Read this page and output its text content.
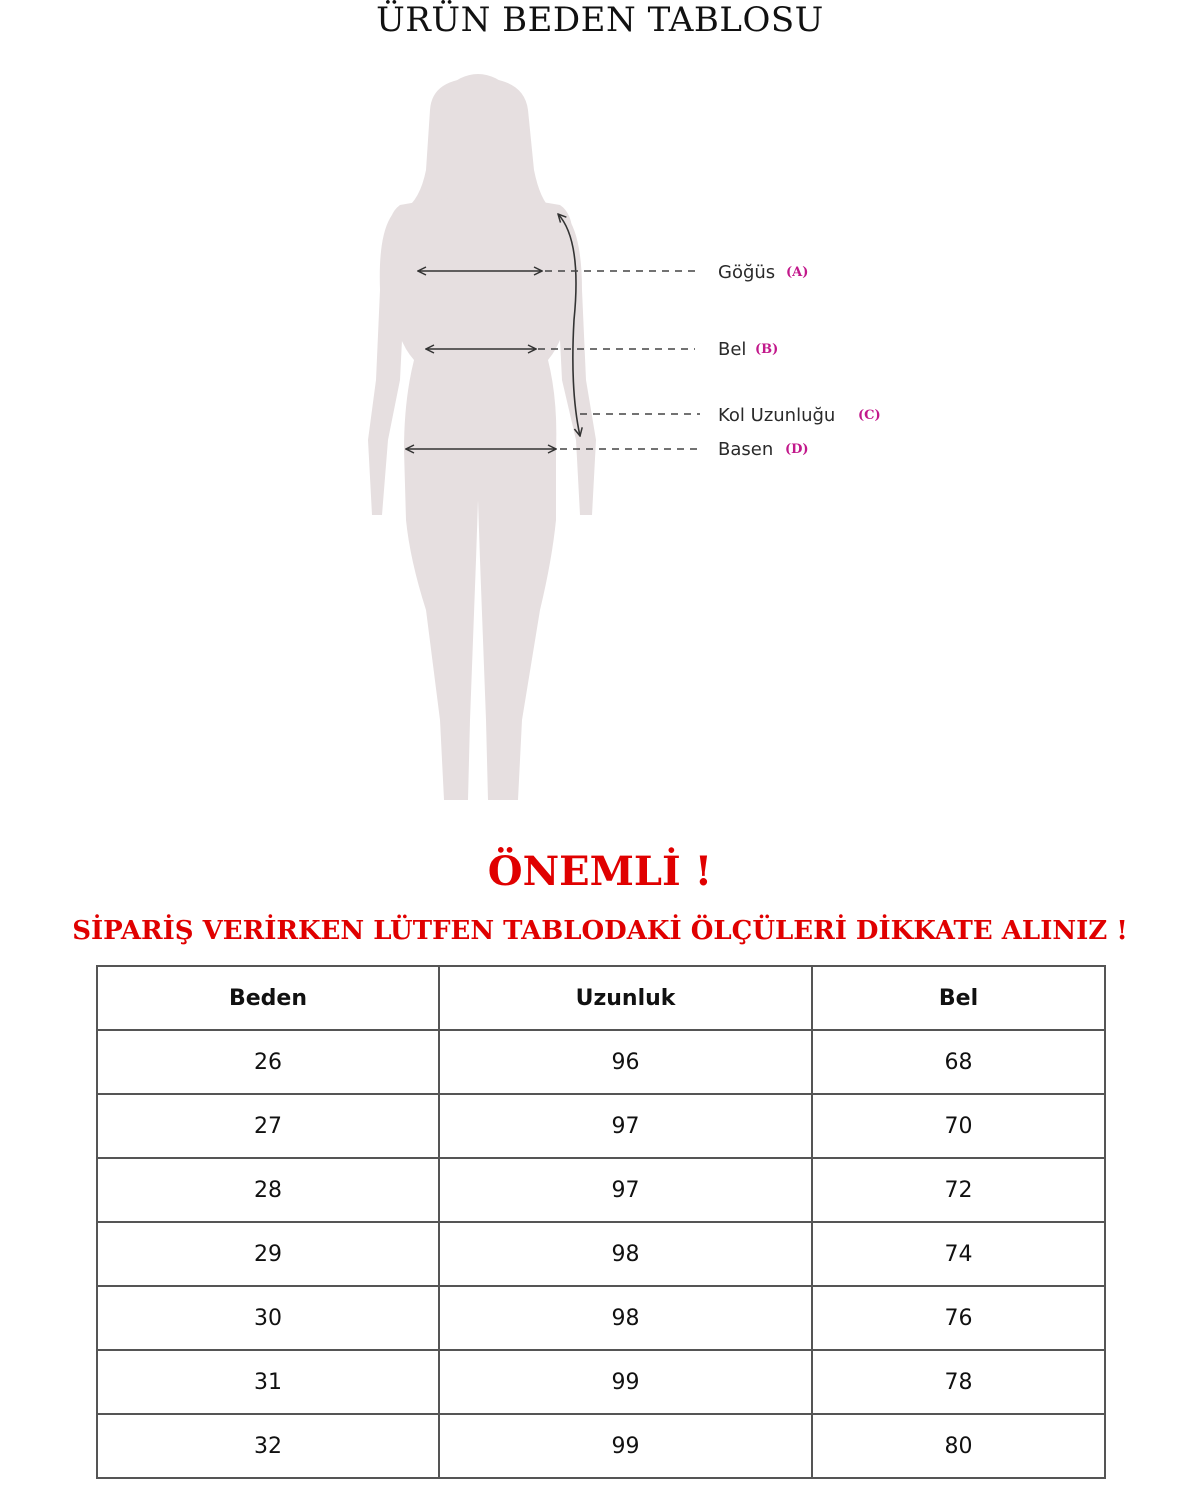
ÜRÜN BEDEN TABLOSU
Göğüs (A)
Bel (B)
Kol Uzunluğu (C)
Basen (D)
ÖNEMLİ !
SİPARİŞ VERİRKEN LÜTFEN TABLODAKİ ÖLÇÜLERİ DİKKATE ALINIZ !
Beden	Uzunluk	Bel
26	96	68
27	97	70
28	97	72
29	98	74
30	98	76
31	99	78
32	99	80
